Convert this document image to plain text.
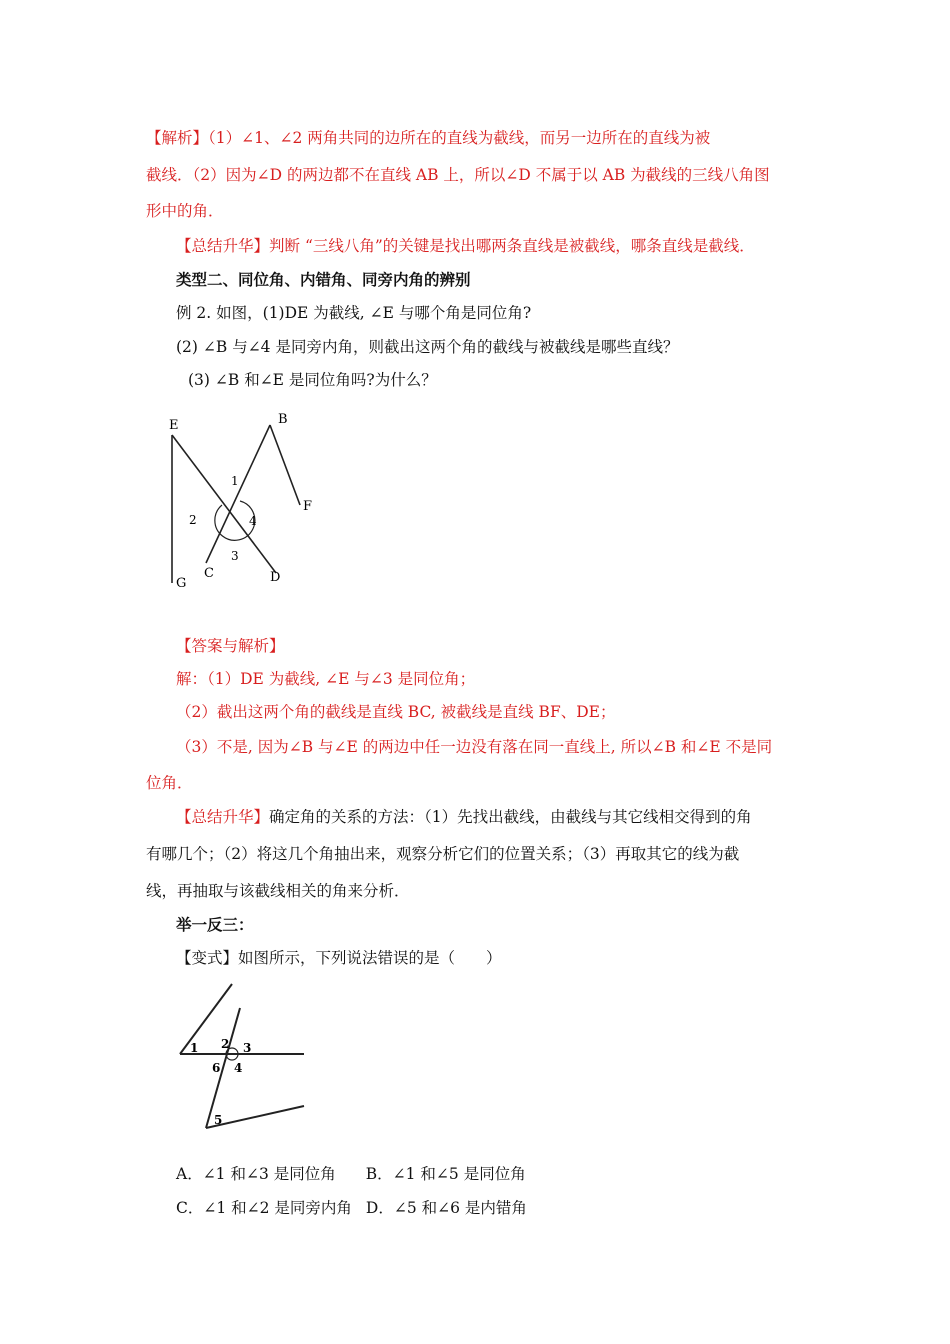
【解析】（1）∠1、∠2 两角共同的边所在的直线为截线，而另一边所在的直线为被
截线．（2）因为∠D 的两边都不在直线 AB 上，所以∠D 不属于以 AB 为截线的三线八角图
形中的角．
【总结升华】判断 “三线八角”的关键是找出哪两条直线是被截线，哪条直线是截线．
类型二、同位角、内错角、同旁内角的辨别
例 2. 如图，(1)DE 为截线, ∠E 与哪个角是同位角?
(2) ∠B 与∠4 是同旁内角，则截出这两个角的截线与被截线是哪些直线？
(3) ∠B 和∠E 是同位角吗?为什么？
E	B
F
G
C	D
1
2
3
4
【答案与解析】
解：（1）DE 为截线, ∠E 与∠3 是同位角；
（2）截出这两个角的截线是直线 BC, 被截线是直线 BF、DE；
（3）不是, 因为∠B 与∠E 的两边中任一边没有落在同一直线上, 所以∠B 和∠E 不是同
位角．
【总结升华】确定角的关系的方法：（1）先找出截线，由截线与其它线相交得到的角
有哪几个；（2）将这几个角抽出来，观察分析它们的位置关系；（3）再取其它的线为截
线，再抽取与该截线相关的角来分析．
举一反三：
【变式】如图所示，下列说法错误的是（　　）
1 2 3
4
6
5
A．∠1 和∠3 是同位角 B．∠1 和∠5 是同位角
C．∠1 和∠2 是同旁内角 D．∠5 和∠6 是内错角
